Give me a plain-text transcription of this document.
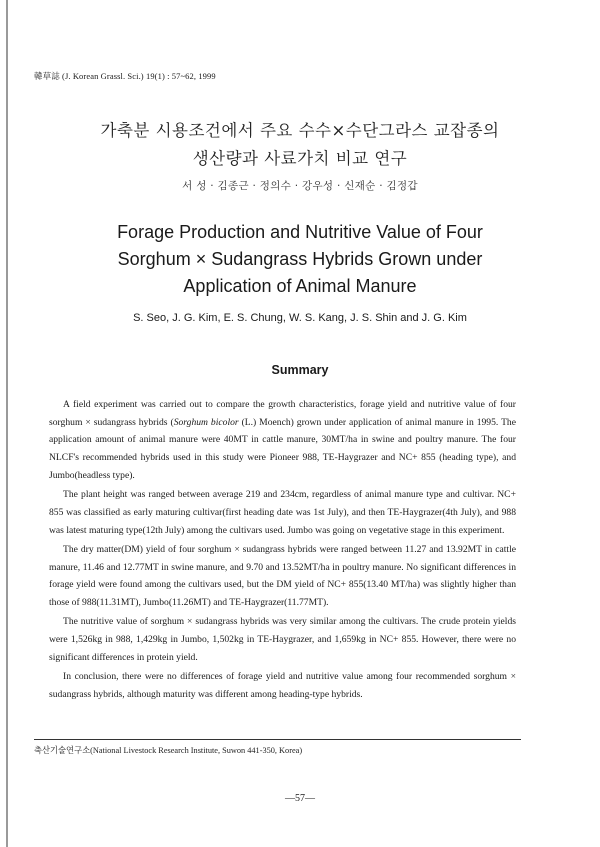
韓草誌 (J. Korean Grassl. Sci.) 19(1) : 57~62, 1999
가축분 시용조건에서 주요 수수×수단그라스 교잡종의
생산량과 사료가치 비교 연구
서 성 · 김종근 · 정의수 · 강우성 · 신재순 · 김정갑
Forage Production and Nutritive Value of Four
Sorghum × Sudangrass Hybrids Grown under
Application of Animal Manure
S. Seo, J. G. Kim, E. S. Chung, W. S. Kang, J. S. Shin and J. G. Kim
Summary

A field experiment was carried out to compare the growth characteristics, forage yield and nutritive value of four sorghum × sudangrass hybrids (Sorghum bicolor (L.) Moench) grown under application of animal manure in 1995. The application amount of animal manure were 40MT in cattle manure, 30MT/ha in swine and poultry manure. The four NLCF's recommended hybrids used in this study were Pioneer 988, TE-Haygrazer and NC+ 855 (heading type), and Jumbo(headless type).

The plant height was ranged between average 219 and 234cm, regardless of animal manure type and cultivar. NC+ 855 was classified as early maturing cultivar(first heading date was 1st July), and then TE-Haygrazer(4th July), and 988 was latest maturing type(12th July) among the cultivars used. Jumbo was going on vegetative stage in this experiment.

The dry matter(DM) yield of four sorghum × sudangrass hybrids were ranged between 11.27 and 13.92MT in cattle manure, 11.46 and 12.77MT in swine manure, and 9.70 and 13.52MT/ha in poultry manure. No significant differences in forage yield were found among the cultivars used, but the DM yield of NC+ 855(13.40 MT/ha) was slightly higher than those of 988(11.31MT), Jumbo(11.26MT) and TE-Haygrazer(11.77MT).

The nutritive value of sorghum × sudangrass hybrids was very similar among the cultivars. The crude protein yields were 1,526kg in 988, 1,429kg in Jumbo, 1,502kg in TE-Haygrazer, and 1,659kg in NC+ 855. However, there were no significant differences in protein yield.

In conclusion, there were no differences of forage yield and nutritive value among four recommended sorghum × sudangrass hybrids, although maturity was different among heading-type hybrids.

축산기술연구소(National Livestock Research Institute, Suwon 441-350, Korea)
—57—
